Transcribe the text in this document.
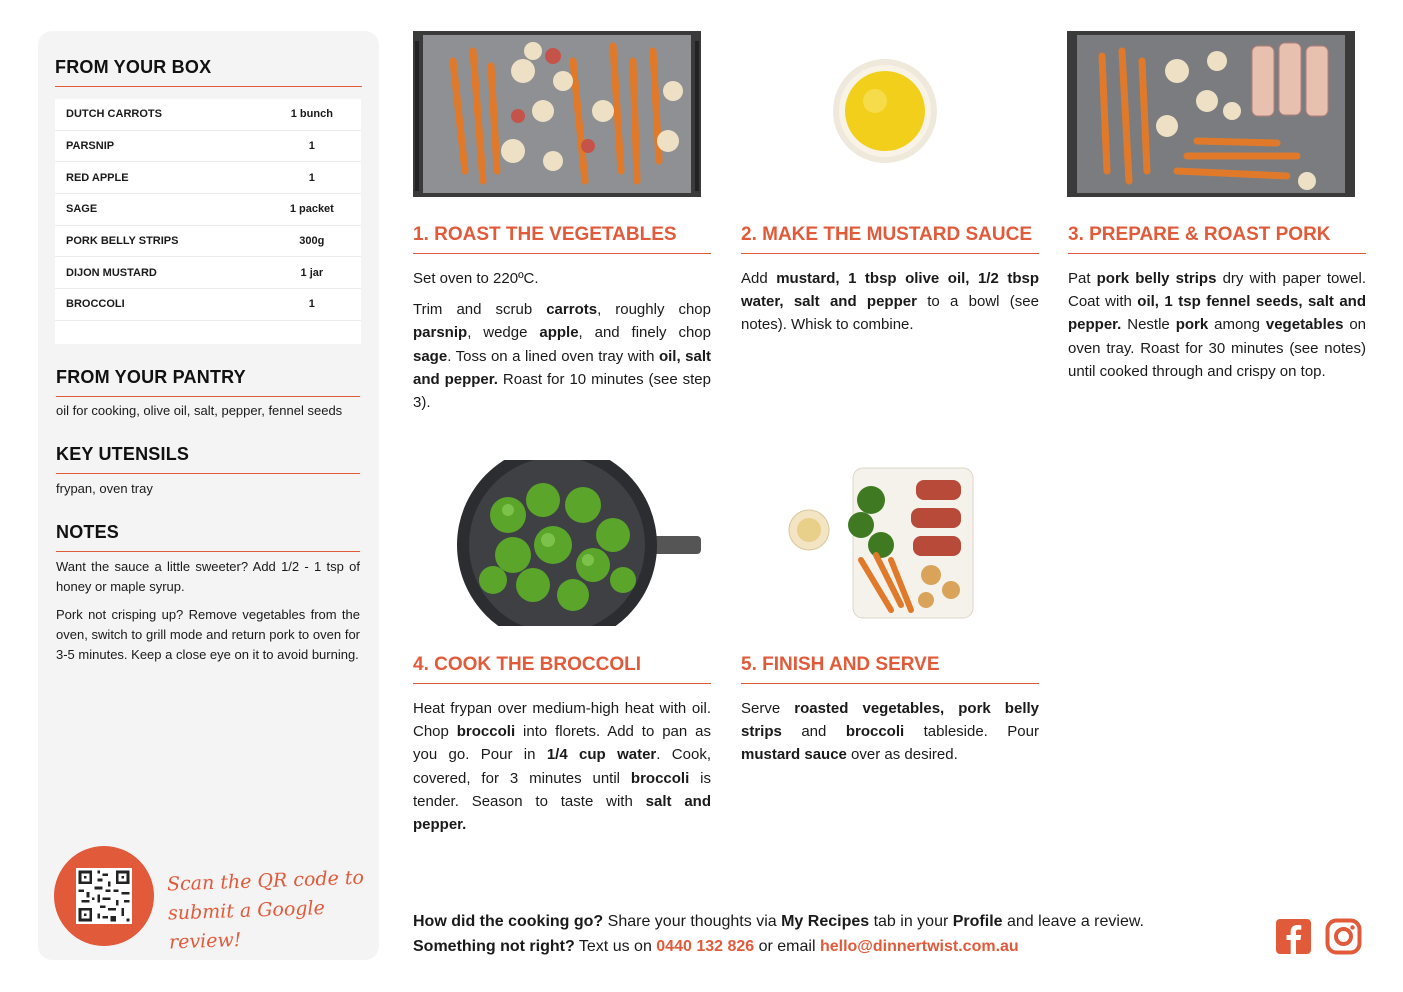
FROM YOUR BOX
DUTCH CARROTS	1 bunch
PARSNIP	1
RED APPLE	1
SAGE	1 packet
PORK BELLY STRIPS	300g
DIJON MUSTARD	1 jar
BROCCOLI	1
FROM YOUR PANTRY
oil for cooking, olive oil, salt, pepper, fennel seeds
KEY UTENSILS
frypan, oven tray
NOTES

Want the sauce a little sweeter? Add 1/2 - 1 tsp of honey or maple syrup.

Pork not crisping up? Remove vegetables from the oven, switch to grill mode and return pork to oven for 3-5 minutes. Keep a close eye on it to avoid burning.

Scan the QR code to
submit a Google review!
1. ROAST THE VEGETABLES

Set oven to 220ºC.

Trim and scrub carrots, roughly chop parsnip, wedge apple, and finely chop sage. Toss on a lined oven tray with oil, salt and pepper. Roast for 10 minutes (see step 3).

2. MAKE THE MUSTARD SAUCE

Add mustard, 1 tbsp olive oil, 1/2 tbsp water, salt and pepper to a bowl (see notes). Whisk to combine.

3. PREPARE & ROAST PORK

Pat pork belly strips dry with paper towel. Coat with oil, 1 tsp fennel seeds, salt and pepper. Nestle pork among vegetables on oven tray. Roast for 30 minutes (see notes) until cooked through and crispy on top.

4. COOK THE BROCCOLI

Heat frypan over medium-high heat with oil. Chop broccoli into florets. Add to pan as you go. Pour in 1/4 cup water. Cook, covered, for 3 minutes until broccoli is tender. Season to taste with salt and pepper.

5. FINISH AND SERVE

Serve roasted vegetables, pork belly strips and broccoli tableside. Pour mustard sauce over as desired.

How did the cooking go? Share your thoughts via My Recipes tab in your Profile and leave a review.
Something not right? Text us on 0440 132 826 or email hello@dinnertwist.com.au
